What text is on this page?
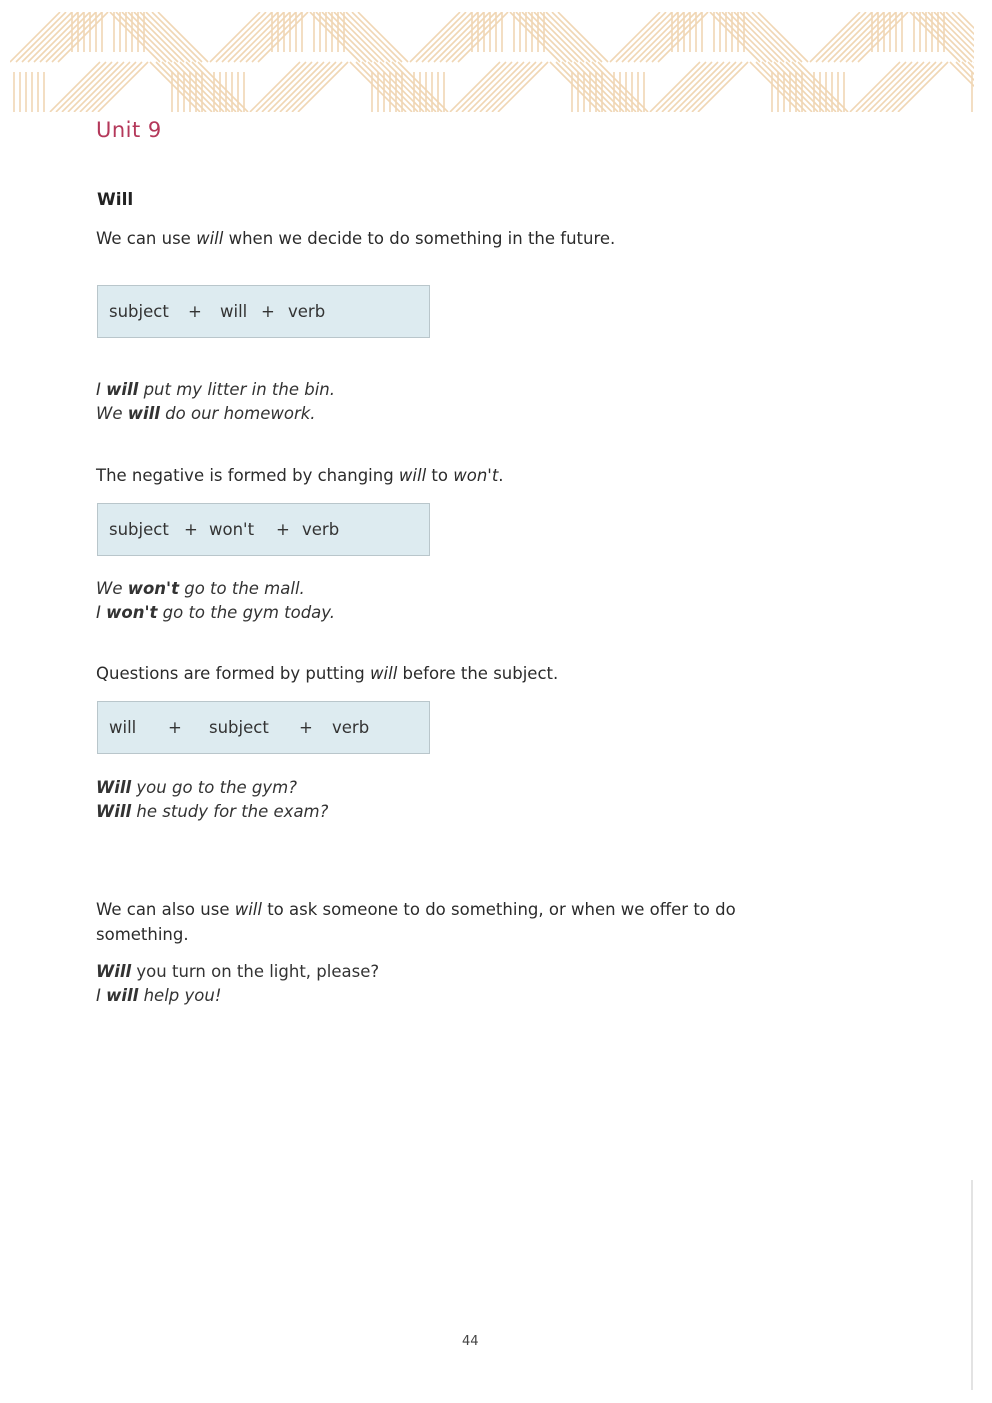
Unit 9
Will
We can use will when we decide to do something in the future.
subject + will + verb
I will put my litter in the bin.
We will do our homework.
The negative is formed by changing will to won't.
subject + won't + verb
We won't go to the mall.
I won't go to the gym today.
Questions are formed by putting will before the subject.
will + subject + verb
Will you go to the gym?
Will he study for the exam?
We can also use will to ask someone to do something, or when we offer to do
something.
Will you turn on the light, please?
I will help you!
44
